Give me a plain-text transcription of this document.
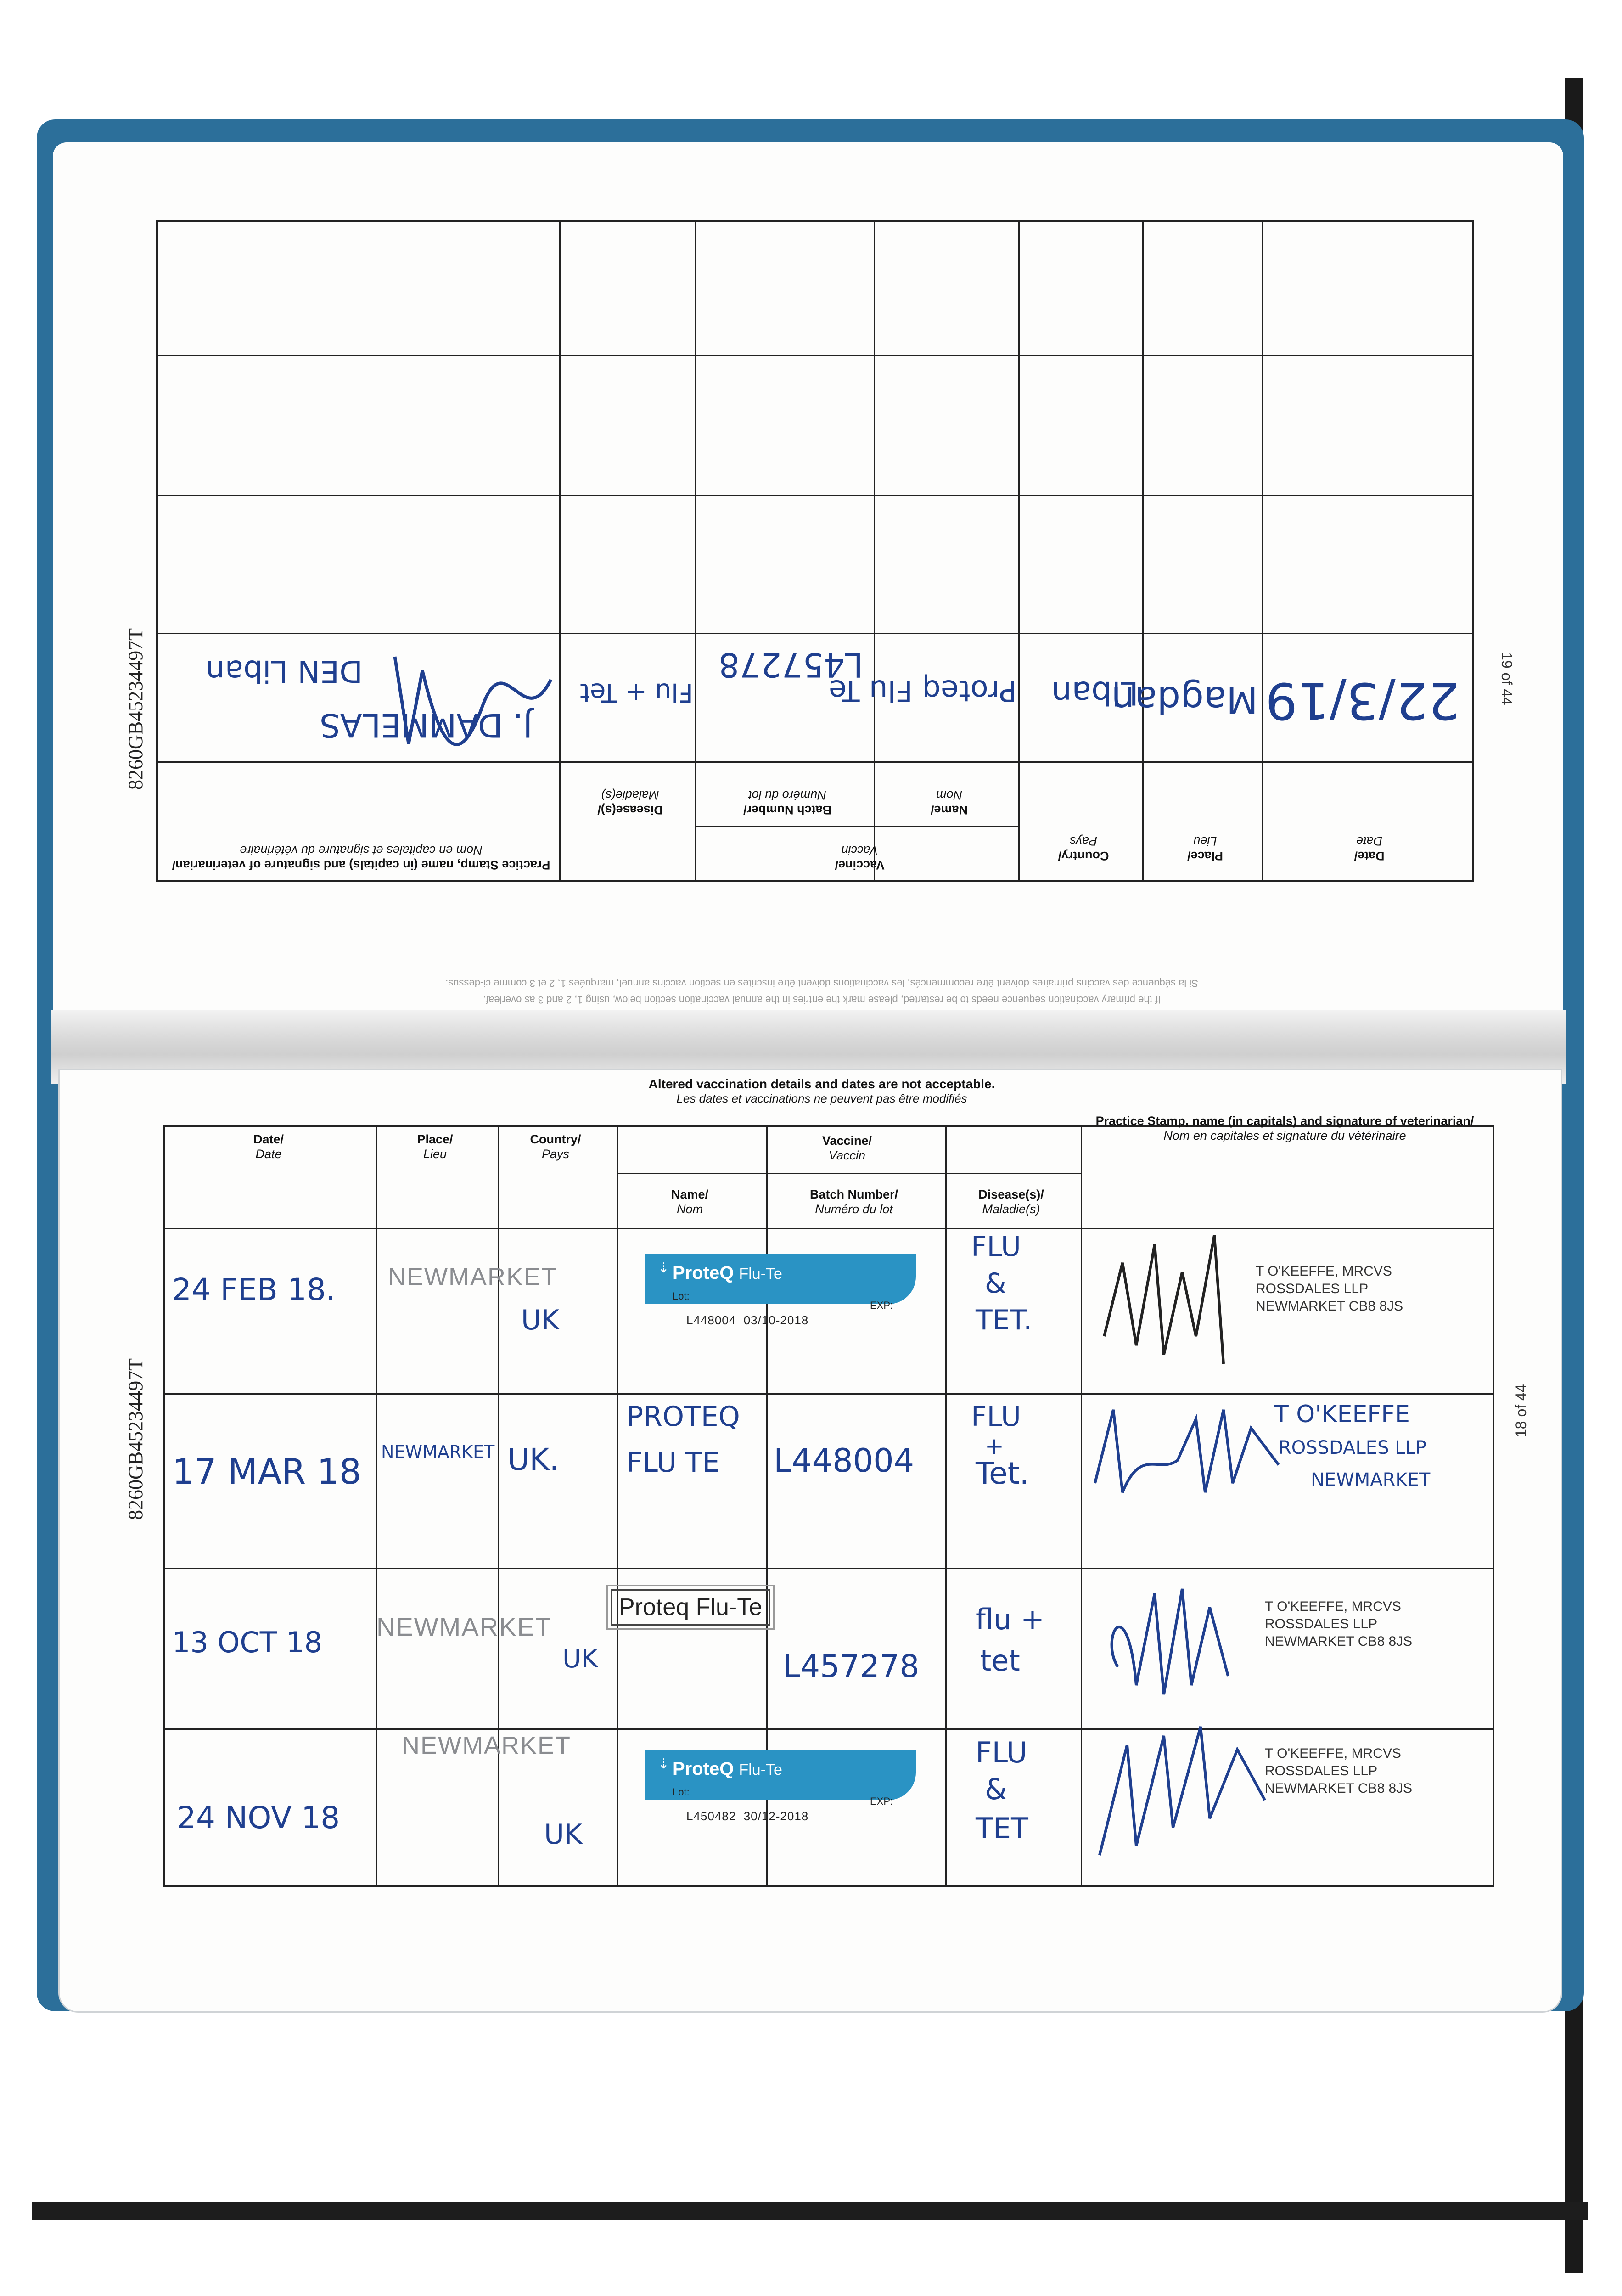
8260GB45234497T	19 of 44
Date/
Date
Place/
Lieu
Country/
Pays
Vaccine/
Vaccin
Name/
Nom
Batch Number/
Numéro du lot
Disease(s)/
Maladie(s)
Practice Stamp, name (in capitals) and signature of veterinarian/
Nom en capitales et signature du vétérinaire
22/3/19
Magdan
Liban
Proteq Flu Te
L457278
Flu + Tet
J. DAMMELAS
DEN Liban
If the primary vaccination sequence needs to be restarted, please mark the entries in the annual vaccination section below, using 1, 2 and 3 as overleaf.
Si la séquence des vaccins primaires doivent être recommencés, les vaccinations doivent être inscrites en section vaccins annuel, marquées 1, 2 et 3 comme ci-dessus.
8260GB45234497T	18 of 44
Altered vaccination details and dates are not acceptable.
Les dates et vaccinations ne peuvent pas être modifiés
Date/
Date
Place/
Lieu
Country/
Pays
Vaccine/
Vaccin
Name/
Nom
Batch Number/
Numéro du lot
Disease(s)/
Maladie(s)
Practice Stamp, name (in capitals) and signature of veterinarian/
Nom en capitales et signature du vétérinaire
24 FEB 18. NEWMARKET
UK
⇣ ProteQ Flu-Te
Lot:
EXP:
L448004 03/10-2018
FLU
&
TET.
T O'KEEFFE, MRCVS
ROSSDALES LLP
NEWMARKET CB8 8JS
17 MAR 18 NEWMARKET UK.
PROTEQ
FLU TE L448004
FLU
+
Tet.
T O'KEEFFE
ROSSDALES LLP
NEWMARKET
13 OCT 18 NEWMARKET
UK
Proteq Flu-Te
L457278
flu +
tet
T O'KEEFFE, MRCVS
ROSSDALES LLP
NEWMARKET CB8 8JS
24 NOV 18
NEWMARKET
UK
⇣ ProteQ Flu-Te
Lot:
EXP:
L450482 30/12-2018
FLU
&
TET
T O'KEEFFE, MRCVS
ROSSDALES LLP
NEWMARKET CB8 8JS
